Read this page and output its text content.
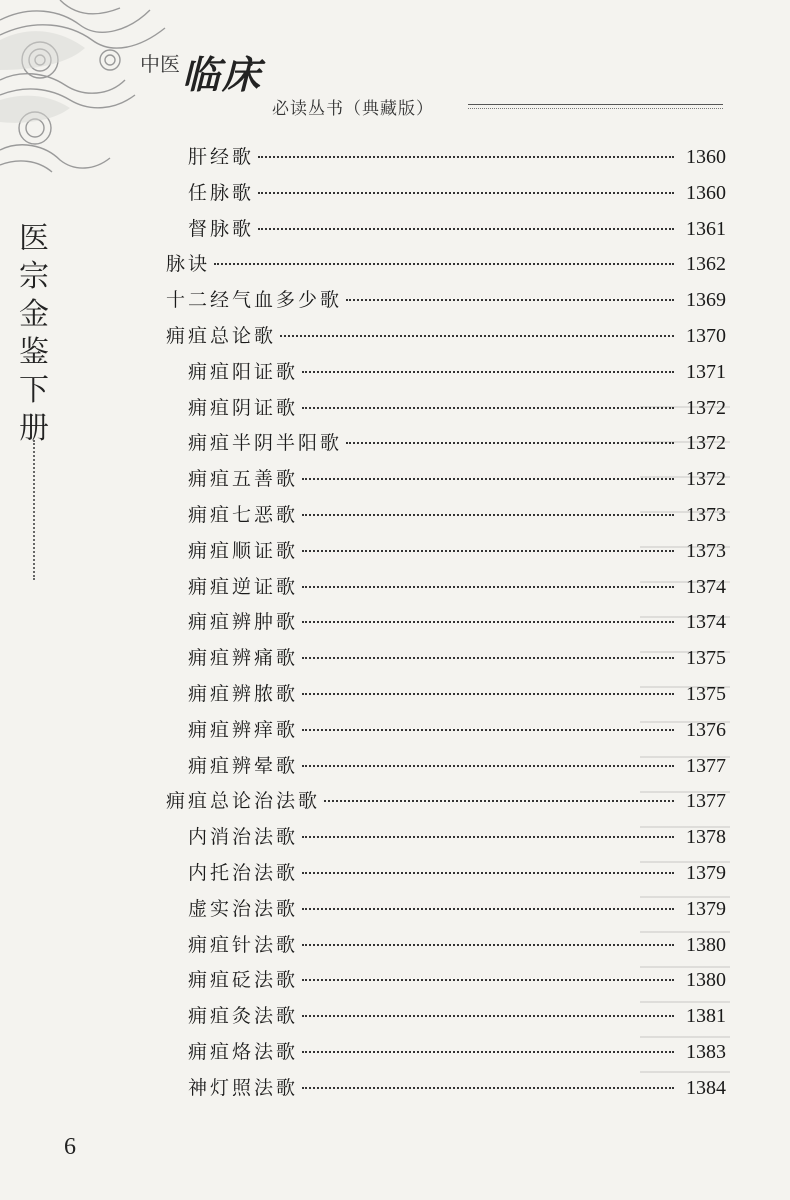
中医 临床
必读丛书（典藏版）
医
宗
金
鉴
下
册
肝经歌	1360
任脉歌	1360
督脉歌	1361
脉诀	1362
十二经气血多少歌	1369
痈疽总论歌	1370
痈疽阳证歌	1371
痈疽阴证歌	1372
痈疽半阴半阳歌	1372
痈疽五善歌	1372
痈疽七恶歌	1373
痈疽顺证歌	1373
痈疽逆证歌	1374
痈疽辨肿歌	1374
痈疽辨痛歌	1375
痈疽辨脓歌	1375
痈疽辨痒歌	1376
痈疽辨晕歌	1377
痈疽总论治法歌	1377
内消治法歌	1378
内托治法歌	1379
虚实治法歌	1379
痈疽针法歌	1380
痈疽砭法歌	1380
痈疽灸法歌	1381
痈疽烙法歌	1383
神灯照法歌	1384
6
